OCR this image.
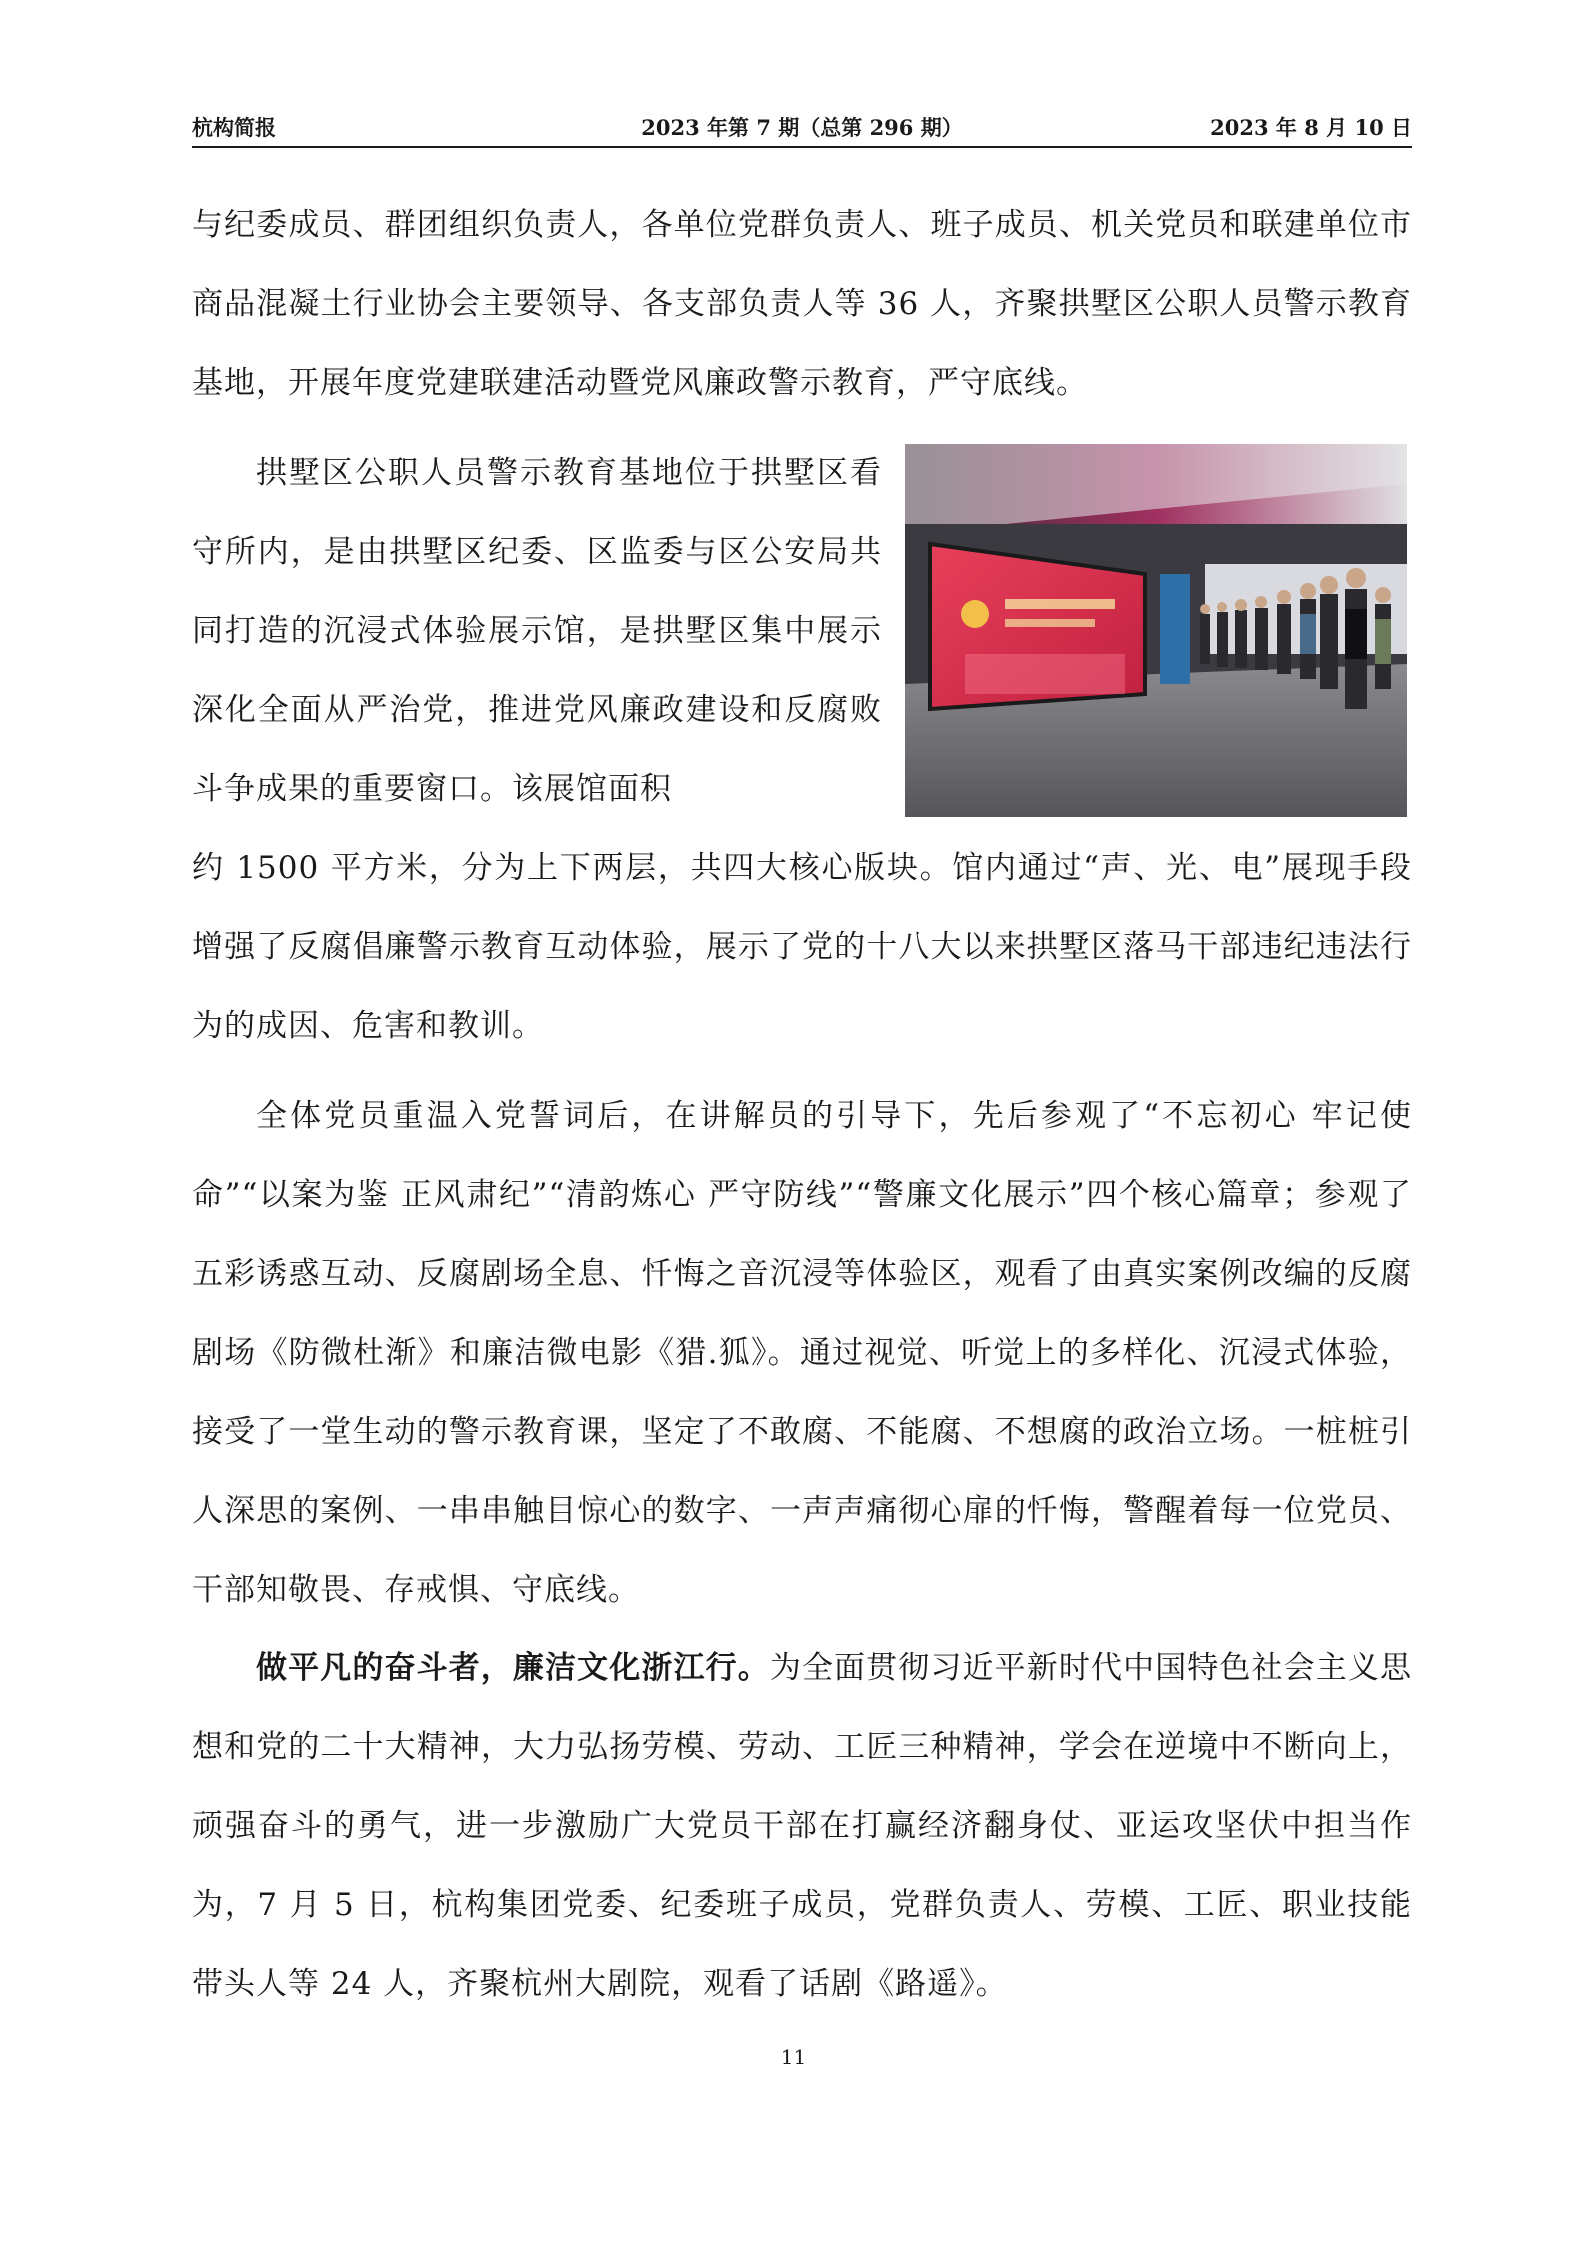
杭构简报	2023 年第 7 期（总第 296 期）	2023 年 8 月 10 日

与纪委成员、群团组织负责人，各单位党群负责人、班子成员、机关党员和联建单位市商品混凝土行业协会主要领导、各支部负责人等 36 人，齐聚拱墅区公职人员警示教育基地，开展年度党建联建活动暨党风廉政警示教育，严守底线。

拱墅区公职人员警示教育基地位于拱墅区看守所内，是由拱墅区纪委、区监委与区公安局共同打造的沉浸式体验展示馆，是拱墅区集中展示深化全面从严治党，推进党风廉政建设和反腐败斗争成果的重要窗口。该展馆面积

约 1500 平方米，分为上下两层，共四大核心版块。馆内通过“声、光、电”展现手段增强了反腐倡廉警示教育互动体验，展示了党的十八大以来拱墅区落马干部违纪违法行为的成因、危害和教训。

全体党员重温入党誓词后，在讲解员的引导下，先后参观了“不忘初心 牢记使命”“以案为鉴 正风肃纪”“清韵炼心 严守防线”“警廉文化展示”四个核心篇章；参观了五彩诱惑互动、反腐剧场全息、忏悔之音沉浸等体验区，观看了由真实案例改编的反腐剧场《防微杜渐》和廉洁微电影《猎.狐》。通过视觉、听觉上的多样化、沉浸式体验，接受了一堂生动的警示教育课，坚定了不敢腐、不能腐、不想腐的政治立场。一桩桩引人深思的案例、一串串触目惊心的数字、一声声痛彻心扉的忏悔，警醒着每一位党员、干部知敬畏、存戒惧、守底线。

做平凡的奋斗者，廉洁文化浙江行。为全面贯彻习近平新时代中国特色社会主义思想和党的二十大精神，大力弘扬劳模、劳动、工匠三种精神，学会在逆境中不断向上，顽强奋斗的勇气，进一步激励广大党员干部在打赢经济翻身仗、亚运攻坚伏中担当作为，7 月 5 日，杭构集团党委、纪委班子成员，党群负责人、劳模、工匠、职业技能带头人等 24 人，齐聚杭州大剧院，观看了话剧《路遥》。

11
